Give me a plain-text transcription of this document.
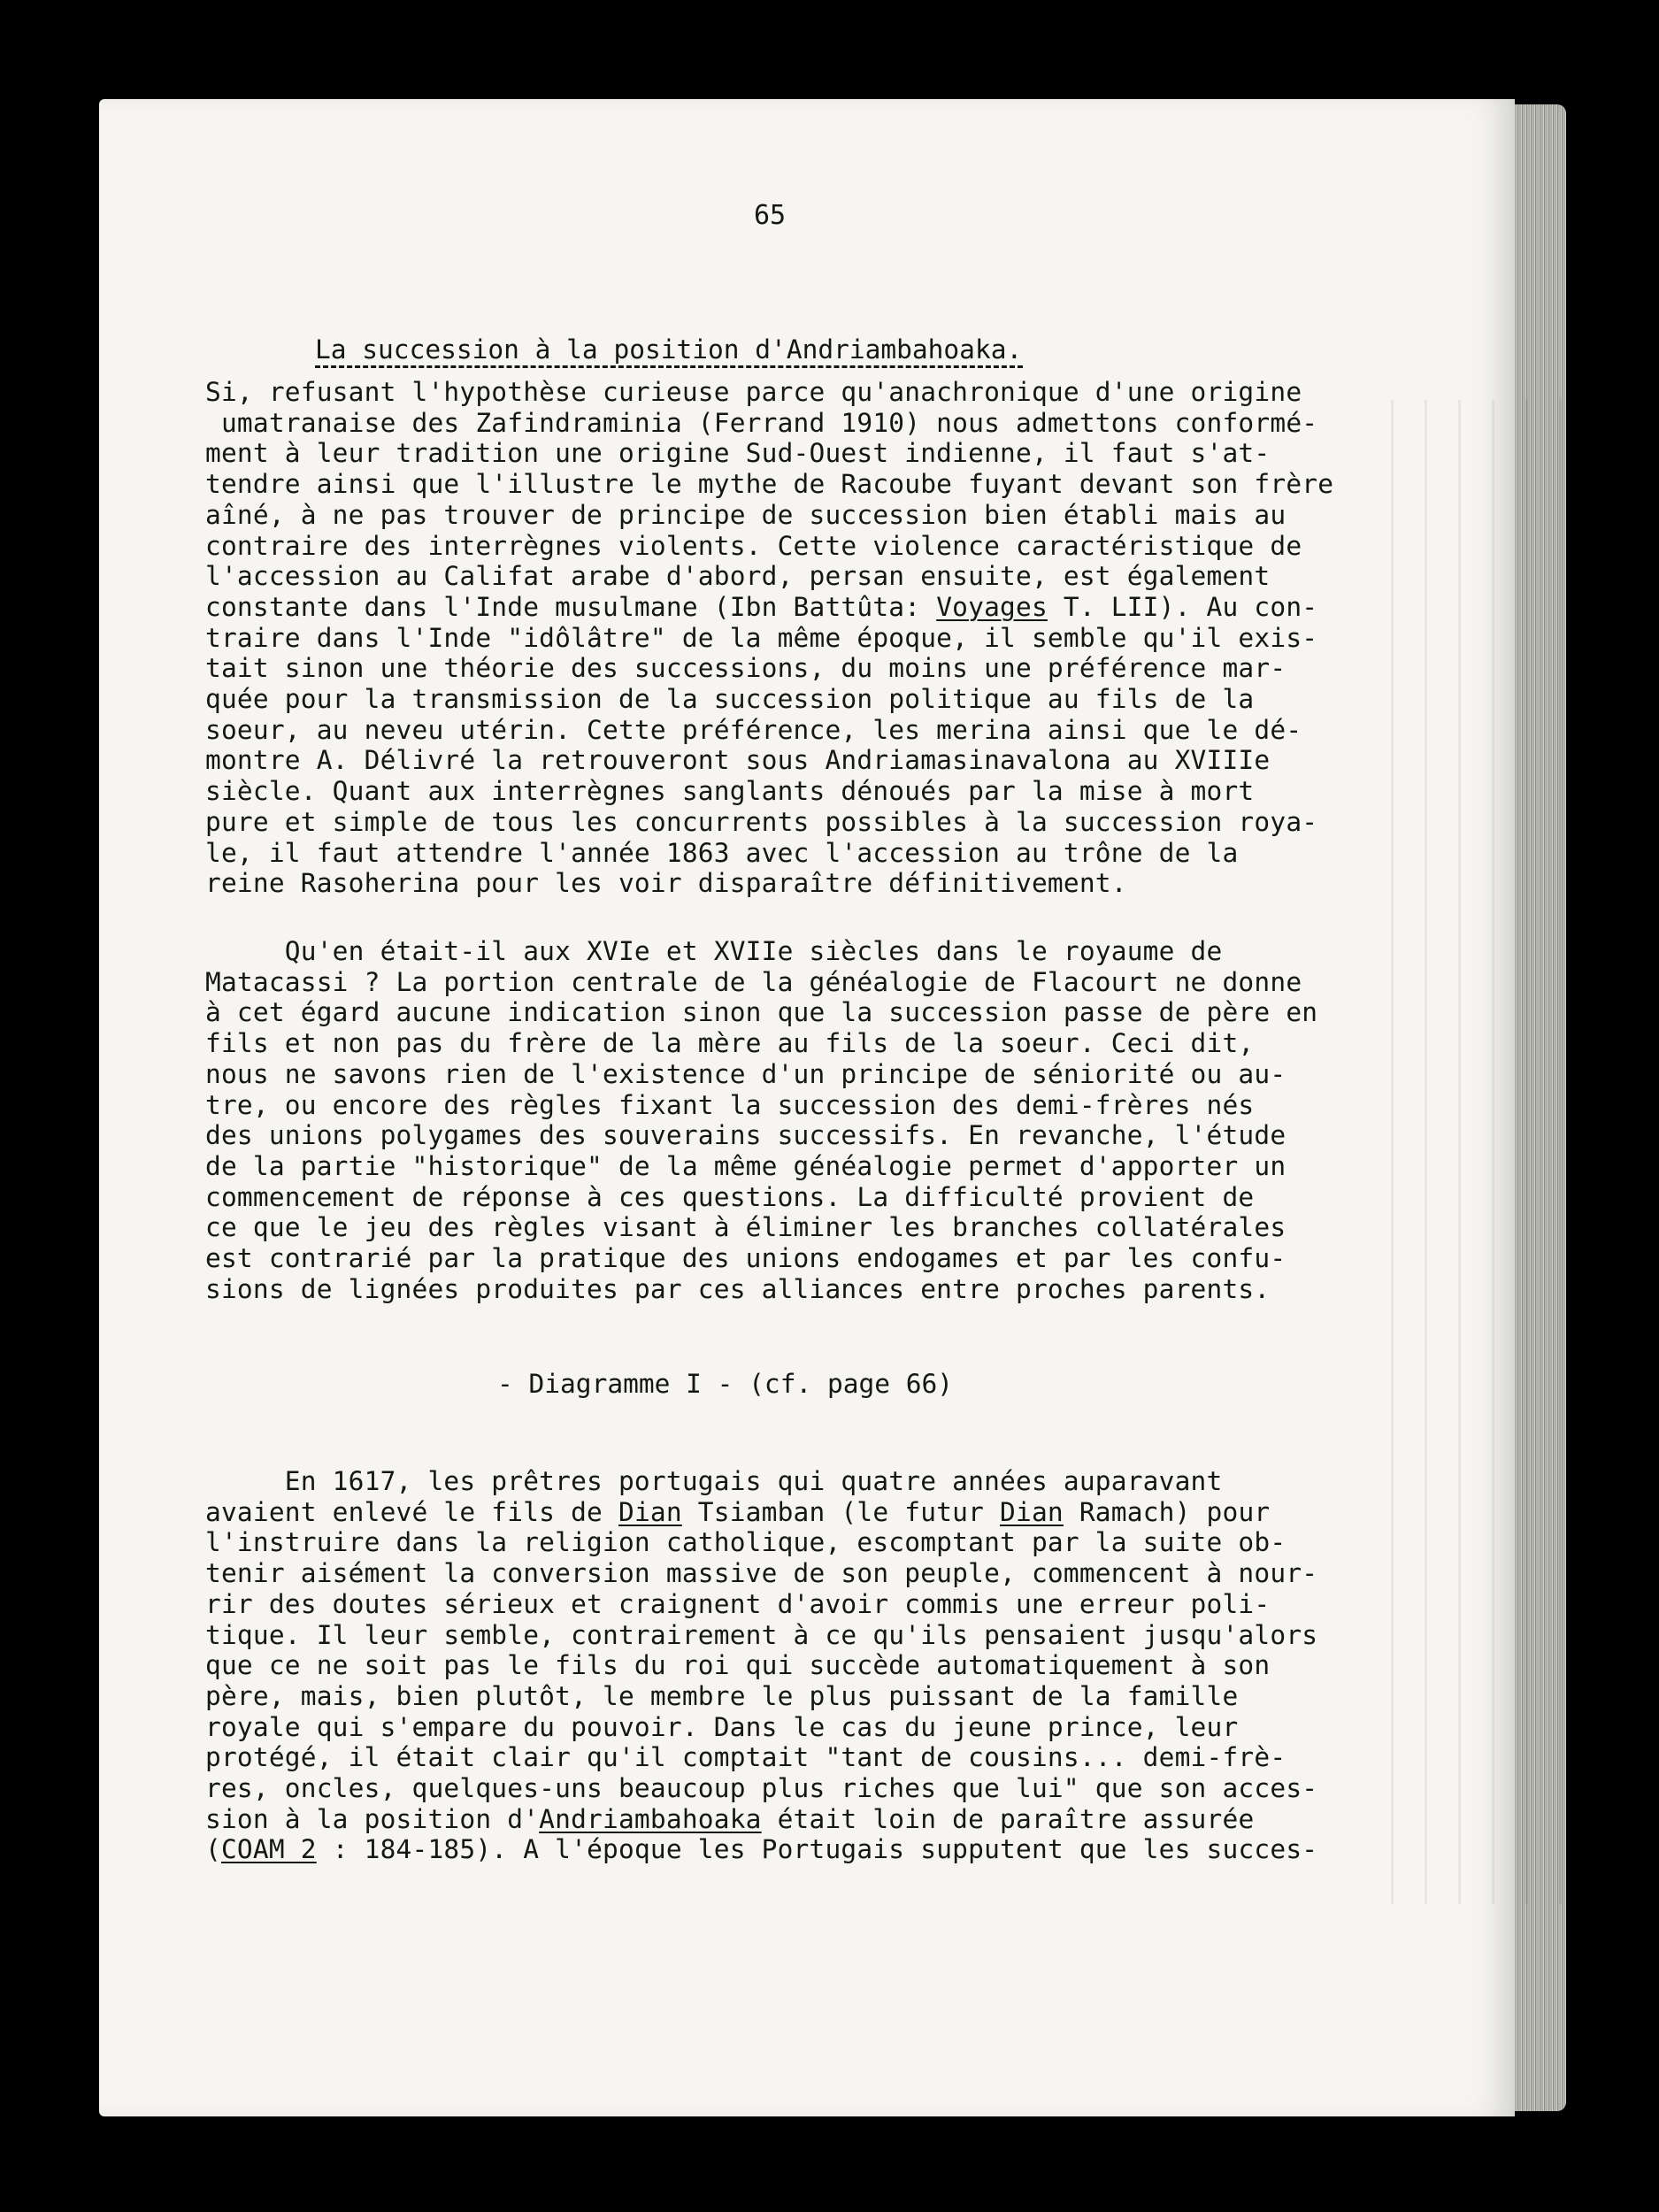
65
La succession à la position d'Andriambahoaka.
Si, refusant l'hypothèse curieuse parce qu'anachronique d'une origine
umatranaise des Zafindraminia (Ferrand 1910) nous admettons conformé-
ment à leur tradition une origine Sud-Ouest indienne, il faut s'at-
tendre ainsi que l'illustre le mythe de Racoube fuyant devant son frère
aîné, à ne pas trouver de principe de succession bien établi mais au
contraire des interrègnes violents. Cette violence caractéristique de
l'accession au Califat arabe d'abord, persan ensuite, est également
constante dans l'Inde musulmane (Ibn Battûta: Voyages T. LII). Au con-
traire dans l'Inde "idôlâtre" de la même époque, il semble qu'il exis-
tait sinon une théorie des successions, du moins une préférence mar-
quée pour la transmission de la succession politique au fils de la
soeur, au neveu utérin. Cette préférence, les merina ainsi que le dé-
montre A. Délivré la retrouveront sous Andriamasinavalona au XVIIIe
siècle. Quant aux interrègnes sanglants dénoués par la mise à mort
pure et simple de tous les concurrents possibles à la succession roya-
le, il faut attendre l'année 1863 avec l'accession au trône de la
reine Rasoherina pour les voir disparaître définitivement.
Qu'en était-il aux XVIe et XVIIe siècles dans le royaume de
Matacassi ? La portion centrale de la généalogie de Flacourt ne donne
à cet égard aucune indication sinon que la succession passe de père en
fils et non pas du frère de la mère au fils de la soeur. Ceci dit,
nous ne savons rien de l'existence d'un principe de séniorité ou au-
tre, ou encore des règles fixant la succession des demi-frères nés
des unions polygames des souverains successifs. En revanche, l'étude
de la partie "historique" de la même généalogie permet d'apporter un
commencement de réponse à ces questions. La difficulté provient de
ce que le jeu des règles visant à éliminer les branches collatérales
est contrarié par la pratique des unions endogames et par les confu-
sions de lignées produites par ces alliances entre proches parents.
- Diagramme I - (cf. page 66)
En 1617, les prêtres portugais qui quatre années auparavant
avaient enlevé le fils de Dian Tsiamban (le futur Dian Ramach) pour
l'instruire dans la religion catholique, escomptant par la suite ob-
tenir aisément la conversion massive de son peuple, commencent à nour-
rir des doutes sérieux et craignent d'avoir commis une erreur poli-
tique. Il leur semble, contrairement à ce qu'ils pensaient jusqu'alors
que ce ne soit pas le fils du roi qui succède automatiquement à son
père, mais, bien plutôt, le membre le plus puissant de la famille
royale qui s'empare du pouvoir. Dans le cas du jeune prince, leur
protégé, il était clair qu'il comptait "tant de cousins... demi-frè-
res, oncles, quelques-uns beaucoup plus riches que lui" que son acces-
sion à la position d'Andriambahoaka était loin de paraître assurée
(COAM 2 : 184-185). A l'époque les Portugais supputent que les succes-
